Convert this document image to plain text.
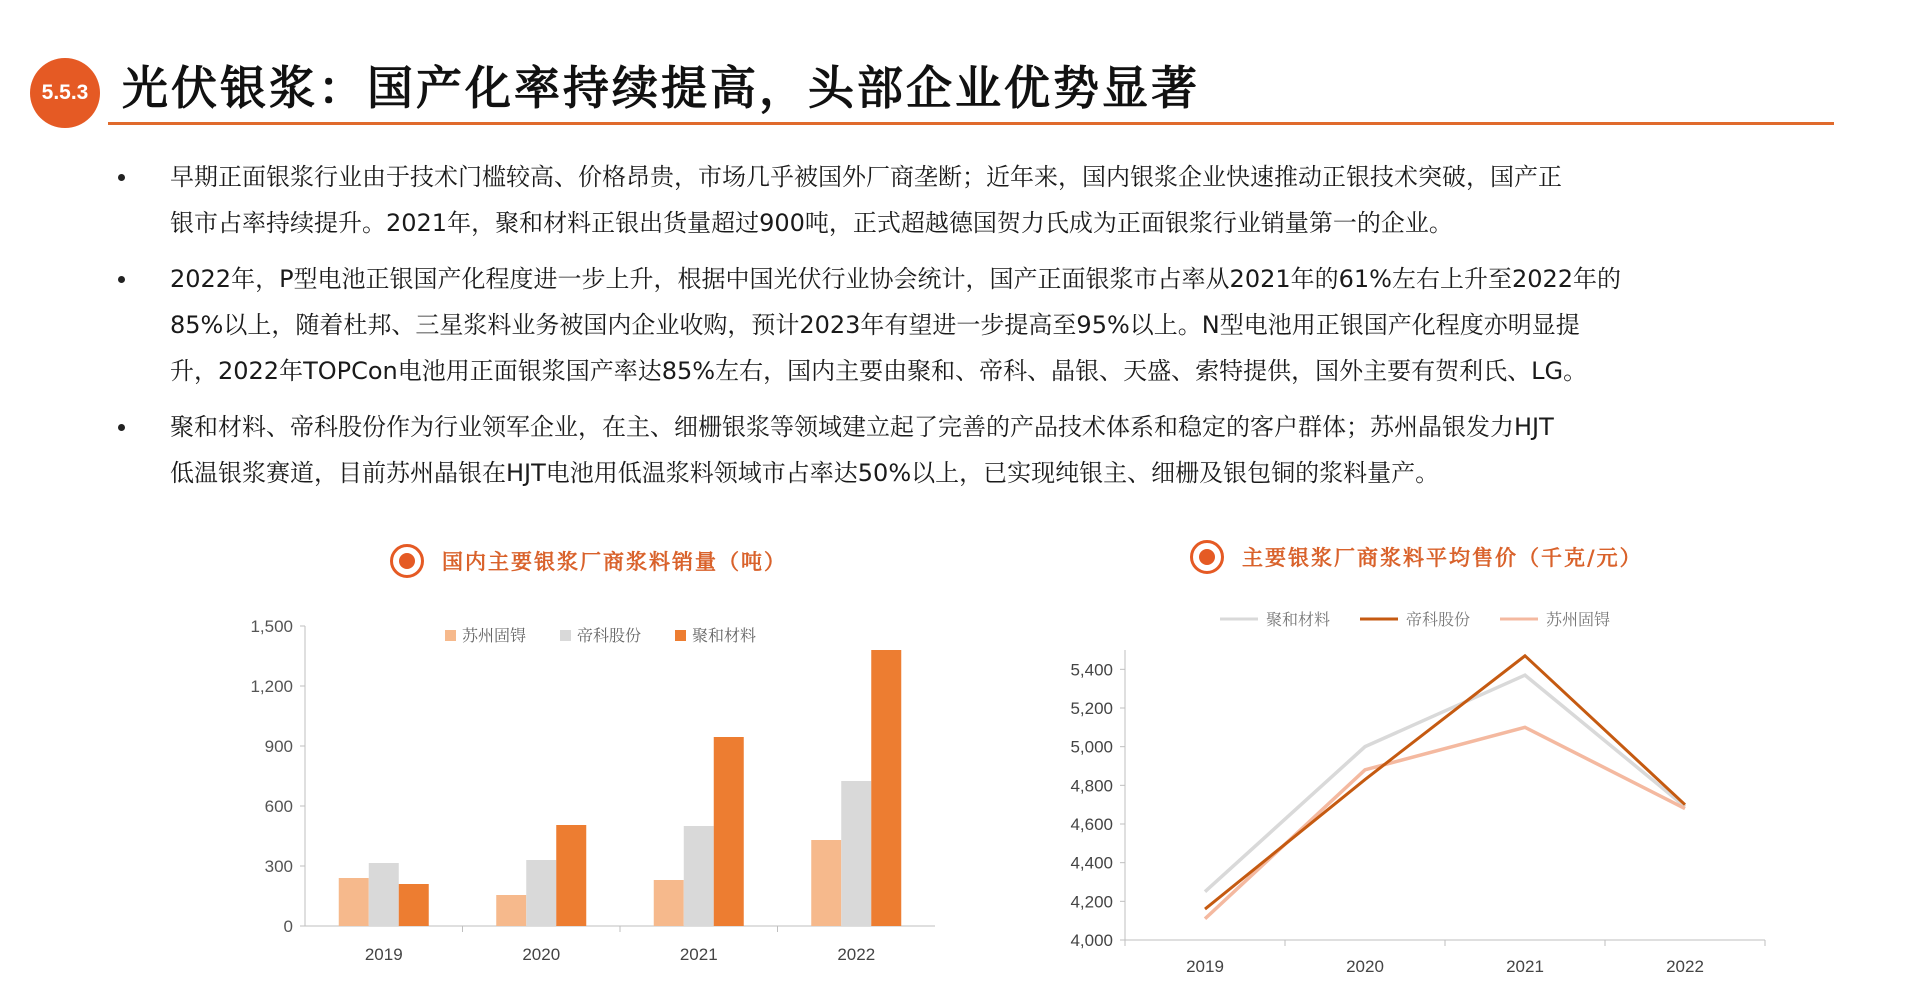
5.5.3 光伏银浆：国产化率持续提高，头部企业优势显著
早期正面银浆行业由于技术门槛较高、价格昂贵，市场几乎被国外厂商垄断；近年来，国内银浆企业快速推动正银技术突破，国产正
银市占率持续提升。2021年，聚和材料正银出货量超过900吨，正式超越德国贺力氏成为正面银浆行业销量第一的企业。
2022年，P型电池正银国产化程度进一步上升，根据中国光伏行业协会统计，国产正面银浆市占率从2021年的61%左右上升至2022年的
85%以上，随着杜邦、三星浆料业务被国内企业收购，预计2023年有望进一步提高至95%以上。N型电池用正银国产化程度亦明显提
升，2022年TOPCon电池用正面银浆国产率达85%左右，国内主要由聚和、帝科、晶银、天盛、索特提供，国外主要有贺利氏、LG。
聚和材料、帝科股份作为行业领军企业，在主、细栅银浆等领域建立起了完善的产品技术体系和稳定的客户群体；苏州晶银发力HJT
低温银浆赛道，目前苏州晶银在HJT电池用低温浆料领域市占率达50%以上，已实现纯银主、细栅及银包铜的浆料量产。
国内主要银浆厂商浆料销量（吨）	主要银浆厂商浆料平均售价（千克/元）
0
300
600
900
1,200
1,500
2019	2020	2021	2022
苏州固锝	帝科股份	聚和材料
4,000
4,200
4,400
4,600
4,800
5,000
5,200
5,400
2019	2020	2021	2022
聚和材料	帝科股份	苏州固锝
